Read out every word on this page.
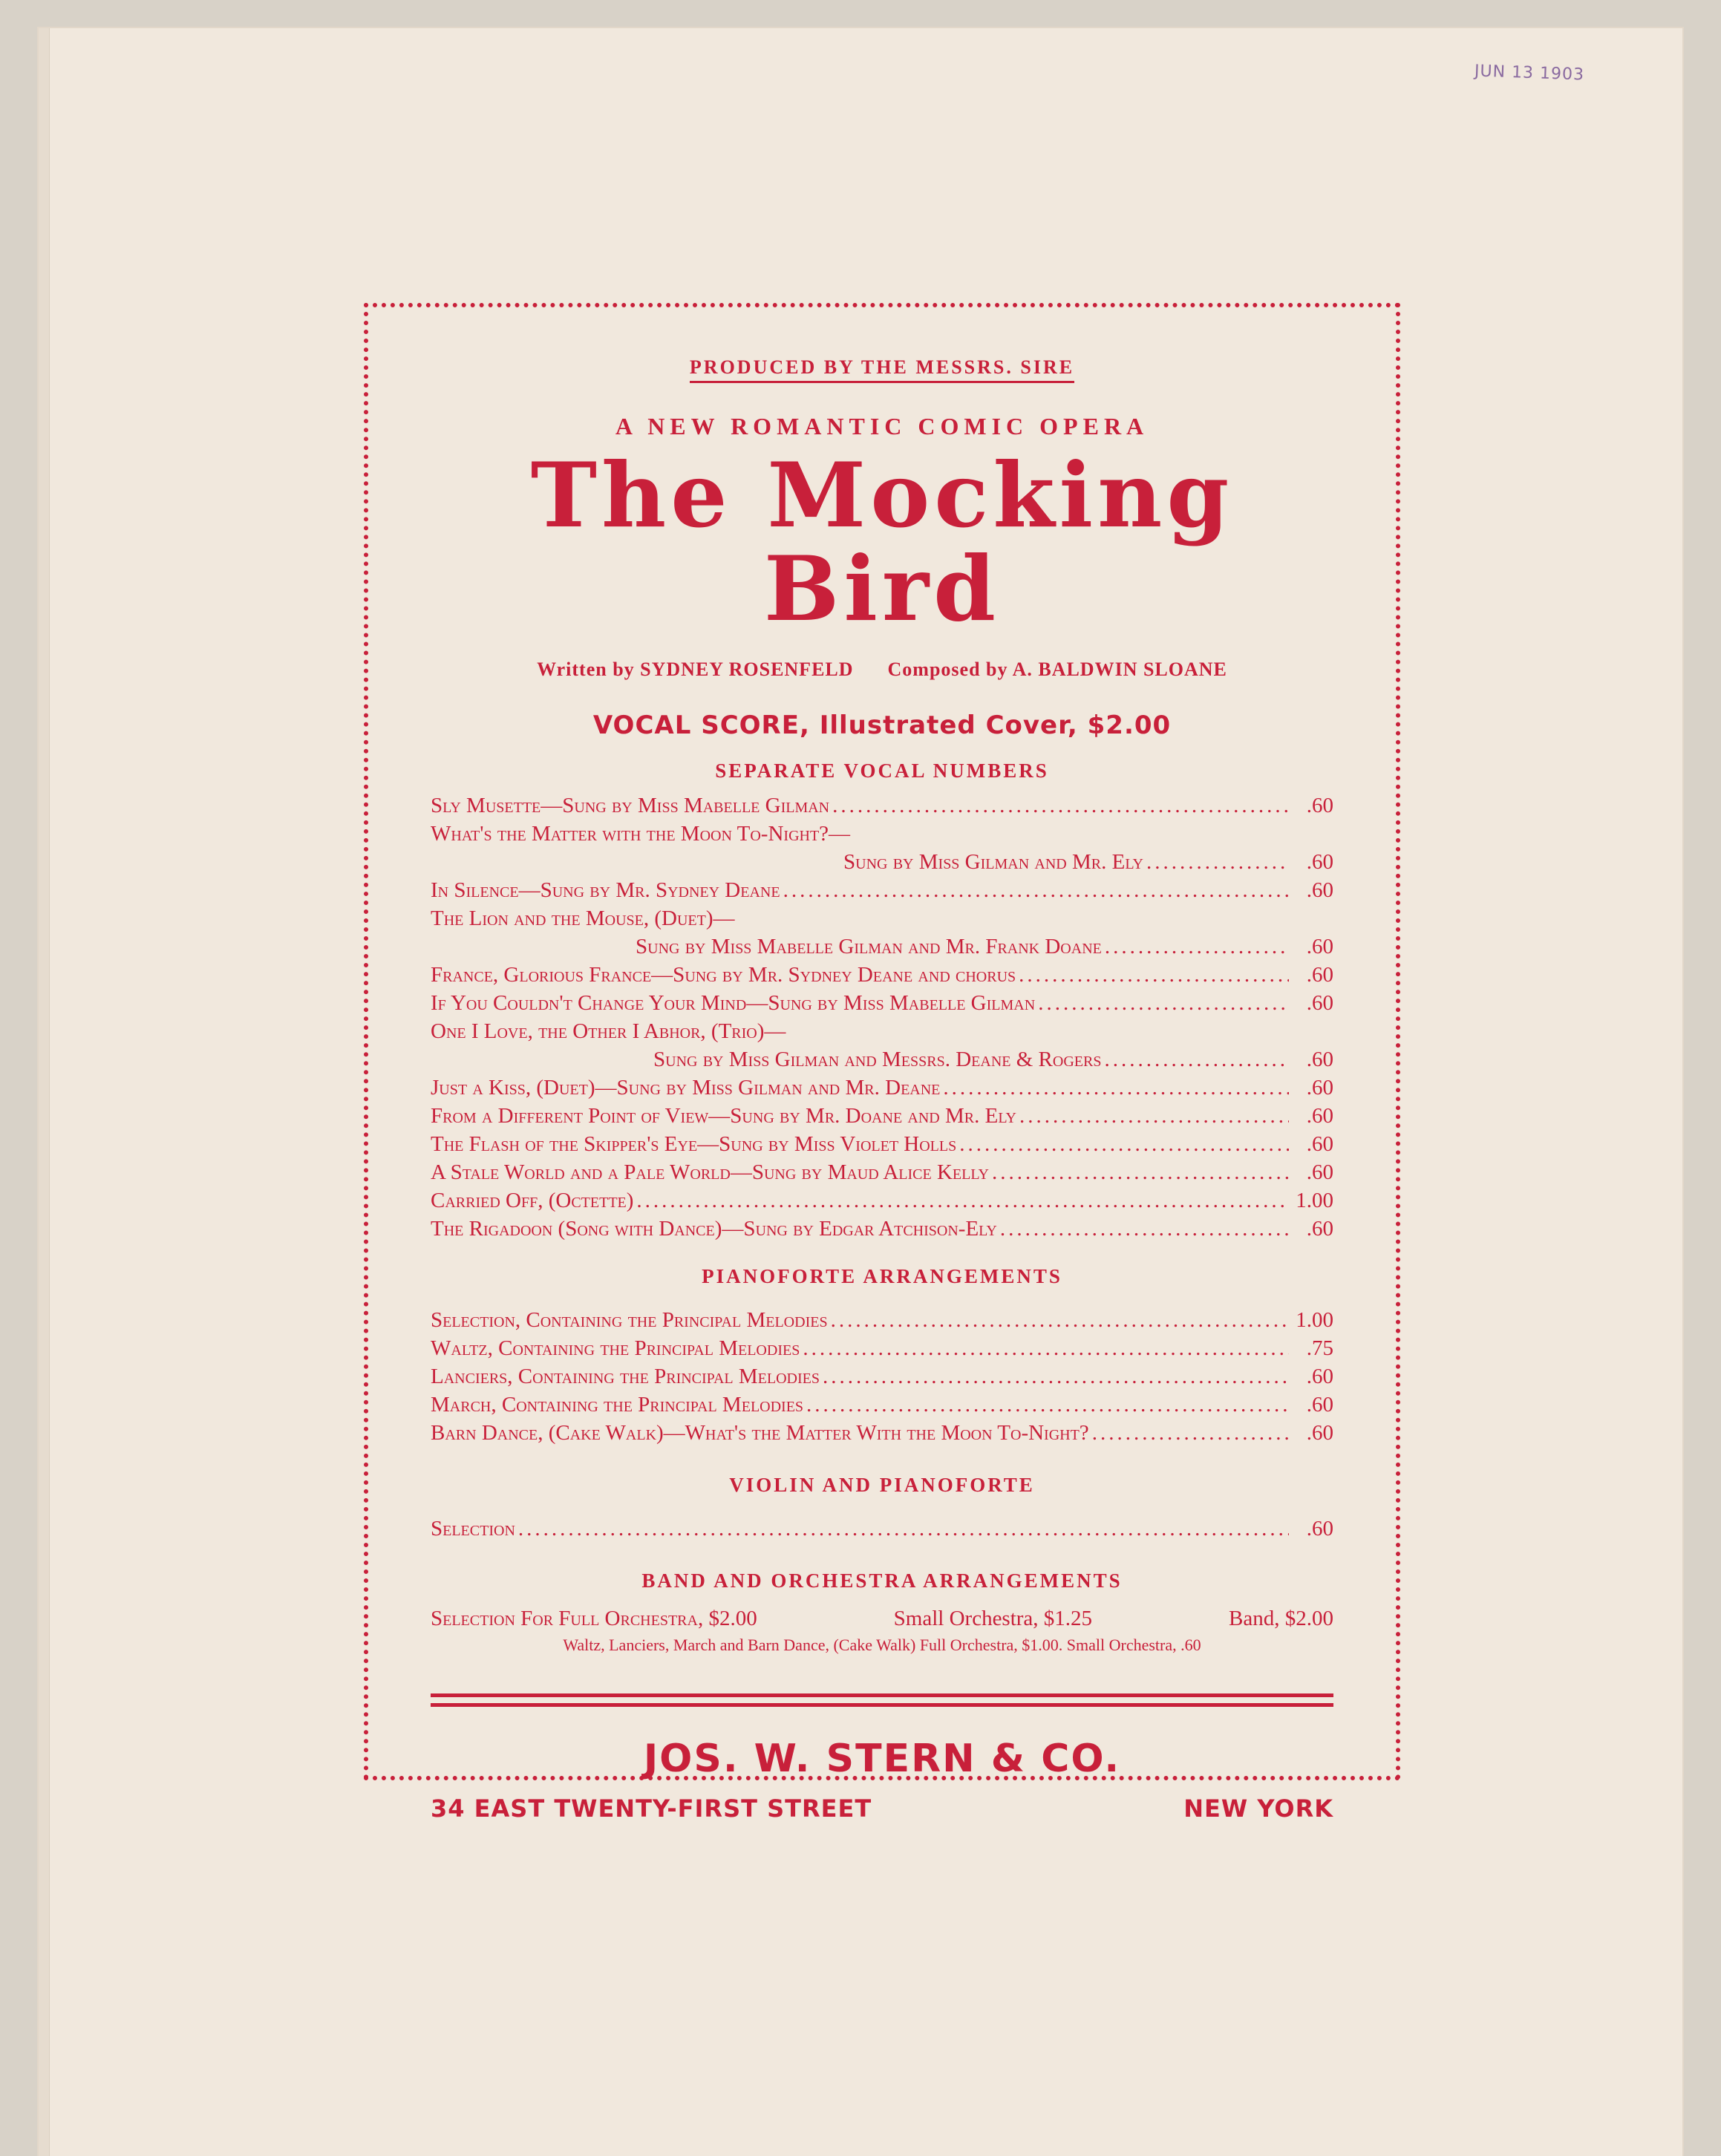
JUN 13 1903
PRODUCED BY THE MESSRS. SIRE
A NEW ROMANTIC COMIC OPERA
The Mocking Bird
Written by SYDNEY ROSENFELD Composed by A. BALDWIN SLOANE
VOCAL SCORE, Illustrated Cover, $2.00
SEPARATE VOCAL NUMBERS
Sly Musette—Sung by Miss Mabelle Gilman .....	.60
What's the Matter with the Moon To-Night?—
Sung by Miss Gilman and Mr. Ely .....	.60
In Silence—Sung by Mr. Sydney Deane .....	.60
The Lion and the Mouse, (Duet)—
Sung by Miss Mabelle Gilman and Mr. Frank Doane .....	.60
France, Glorious France—Sung by Mr. Sydney Deane and chorus .....	.60
If You Couldn't Change Your Mind—Sung by Miss Mabelle Gilman .....	.60
One I Love, the Other I Abhor, (Trio)—
Sung by Miss Gilman and Messrs. Deane & Rogers .....	.60
Just a Kiss, (Duet)—Sung by Miss Gilman and Mr. Deane .....	.60
From a Different Point of View—Sung by Mr. Doane and Mr. Ely .....	.60
The Flash of the Skipper's Eye—Sung by Miss Violet Holls .....	.60
A Stale World and a Pale World—Sung by Maud Alice Kelly .....	.60
Carried Off, (Octette) .....	1.00
The Rigadoon (Song with Dance)—Sung by Edgar Atchison-Ely .....	.60
PIANOFORTE ARRANGEMENTS
Selection, Containing the Principal Melodies .....	1.00
Waltz, Containing the Principal Melodies .....	.75
Lanciers, Containing the Principal Melodies .....	.60
March, Containing the Principal Melodies .....	.60
Barn Dance, (Cake Walk)—What's the Matter With the Moon To-Night? .....	.60
VIOLIN AND PIANOFORTE
Selection .....	.60
BAND AND ORCHESTRA ARRANGEMENTS
Selection For Full Orchestra, $2.00	Small Orchestra, $1.25	Band, $2.00
Waltz, Lanciers, March and Barn Dance, (Cake Walk) Full Orchestra, $1.00. Small Orchestra, .60
JOS. W. STERN & CO.
34 EAST TWENTY-FIRST STREET	NEW YORK
